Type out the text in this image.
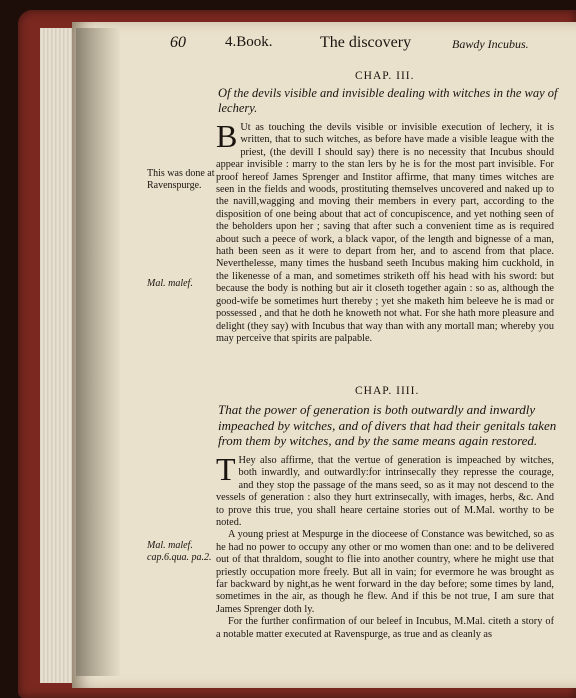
60	4.Book.	The discovery	Bawdy Incubus.
CHAP. III.
Of the devils visible and invisible dealing with witches in the way of lechery.

B Ut as touching the devils visible or invisible execution of lechery, it is written, that to such witches, as before have made a visible league with the priest, (the devill I should say) there is no necessity that Incubus should appear invisible : marry to the stan lers by he is for the most part invisible. For proof hereof James Sprenger and Institor affirme, that many times witches are seen in the fields and woods, prostituting themselves uncovered and naked up to the navill,wagging and moving their members in every part, according to the disposition of one being about that act of concupiscence, and yet nothing seen of the beholders upon her ; saving that after such a convenient time as is required about such a peece of work, a black vapor, of the length and bignesse of a man, hath been seen as it were to depart from her, and to ascend from that place. Neverthelesse, many times the husband seeth Incubus making him cuckhold, in the likenesse of a man, and sometimes striketh off his head with his sword: but because the body is nothing but air it closeth together again : so as, although the good-wife be sometimes hurt thereby ; yet she maketh him beleeve he is mad or possessed , and that he doth he knoweth not what. For she hath more pleasure and delight (they say) with Incubus that way than with any mortall man; whereby you may perceive that spirits are palpable.

CHAP. IIII.
That the power of generation is both outwardly and inwardly impeached by witches, and of divers that had their genitals taken from them by witches, and by the same means again restored.

T Hey also affirme, that the vertue of generation is impeached by witches, both inwardly, and outwardly:for intrinsecally they represse the courage, and they stop the passage of the mans seed, so as it may not descend to the vessels of generation : also they hurt extrinsecally, with images, herbs, &c. And to prove this true, you shall heare certaine stories out of M.Mal. worthy to be noted.

A young priest at Mespurge in the dioceese of Constance was bewitched, so as he had no power to occupy any other or mo women than one: and to be delivered out of that thraldom, sought to flie into another country, where he might use that priestly occupation more freely. But all in vain; for evermore he was brought as far backward by night,as he went forward in the day before; some times by land, sometimes in the air, as though he flew. And if this be not true, I am sure that James Sprenger doth ly.

For the further confirmation of our beleef in Incubus, M.Mal. citeth a story of a notable matter executed at Ravenspurge, as true and as cleanly as

This was done at Ravenspurge.
Mal. malef.
Mal. malef. cap.6.qua. pa.2.
